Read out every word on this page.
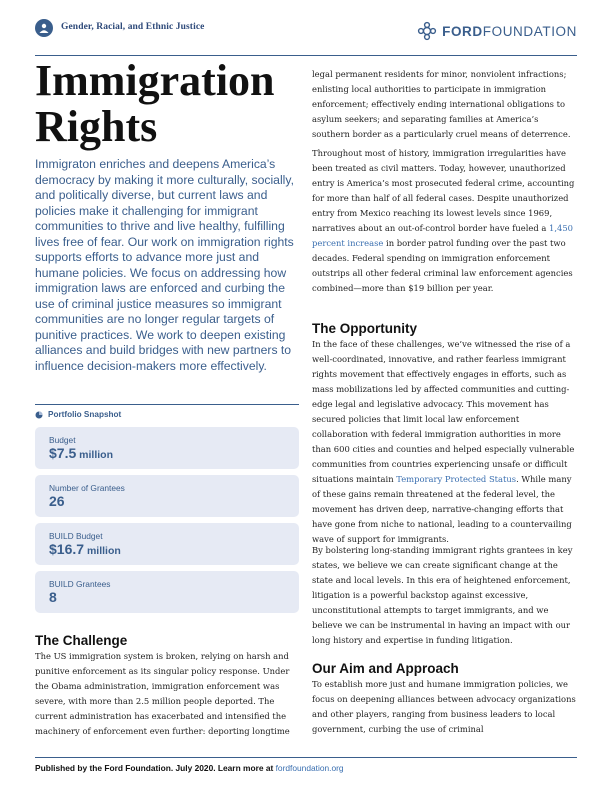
Gender, Racial, and Ethnic Justice	FORDFOUNDATION
Immigration Rights

Immigraton enriches and deepens America’s democracy by making it more culturally, socially, and politically diverse, but current laws and policies make it challenging for immigrant communities to thrive and live healthy, fulfilling lives free of fear. Our work on immigration rights supports efforts to advance more just and humane policies. We focus on addressing how immigration laws are enforced and curbing the use of criminal justice measures so immigrant communities are no longer regular targets of punitive practices. We work to deepen existing alliances and build bridges with new partners to influence decision-makers more effectively.

Portfolio Snapshot
Budget
$7.5 million
Number of Grantees
26
BUILD Budget
$16.7 million
BUILD Grantees
8
The Challenge

The US immigration system is broken, relying on harsh and punitive enforcement as its singular policy response. Under the Obama administration, immigration enforcement was severe, with more than 2.5 million people deported. The current administration has exacerbated and intensified the machinery of enforcement even further: deporting longtime

legal permanent residents for minor, nonviolent infractions; enlisting local authorities to participate in immigration enforcement; effectively ending international obligations to asylum seekers; and separating families at America’s southern border as a particularly cruel means of deterrence.

Throughout most of history, immigration irregularities have been treated as civil matters. Today, however, unauthorized entry is America’s most prosecuted federal crime, accounting for more than half of all federal cases. Despite unauthorized entry from Mexico reaching its lowest levels since 1969, narratives about an out-of-control border have fueled a 1,450 percent increase in border patrol funding over the past two decades. Federal spending on immigration enforcement outstrips all other federal criminal law enforcement agencies combined—more than $19 billion per year.

The Opportunity

In the face of these challenges, we’ve witnessed the rise of a well-coordinated, innovative, and rather fearless immigrant rights movement that effectively engages in efforts, such as mass mobilizations led by affected communities and cutting-edge legal and legislative advocacy. This movement has secured policies that limit local law enforcement collaboration with federal immigration authorities in more than 600 cities and counties and helped especially vulnerable communities from countries experiencing unsafe or difficult situations maintain Temporary Protected Status. While many of these gains remain threatened at the federal level, the movement has driven deep, narrative-changing efforts that have gone from niche to national, leading to a countervailing wave of support for immigrants.

By bolstering long-standing immigrant rights grantees in key states, we believe we can create significant change at the state and local levels. In this era of heightened enforcement, litigation is a powerful backstop against excessive, unconstitutional attempts to target immigrants, and we believe we can be instrumental in having an impact with our long history and expertise in funding litigation.

Our Aim and Approach

To establish more just and humane immigration policies, we focus on deepening alliances between advocacy organizations and other players, ranging from business leaders to local government, curbing the use of criminal

Published by the Ford Foundation. July 2020. Learn more at fordfoundation.org
